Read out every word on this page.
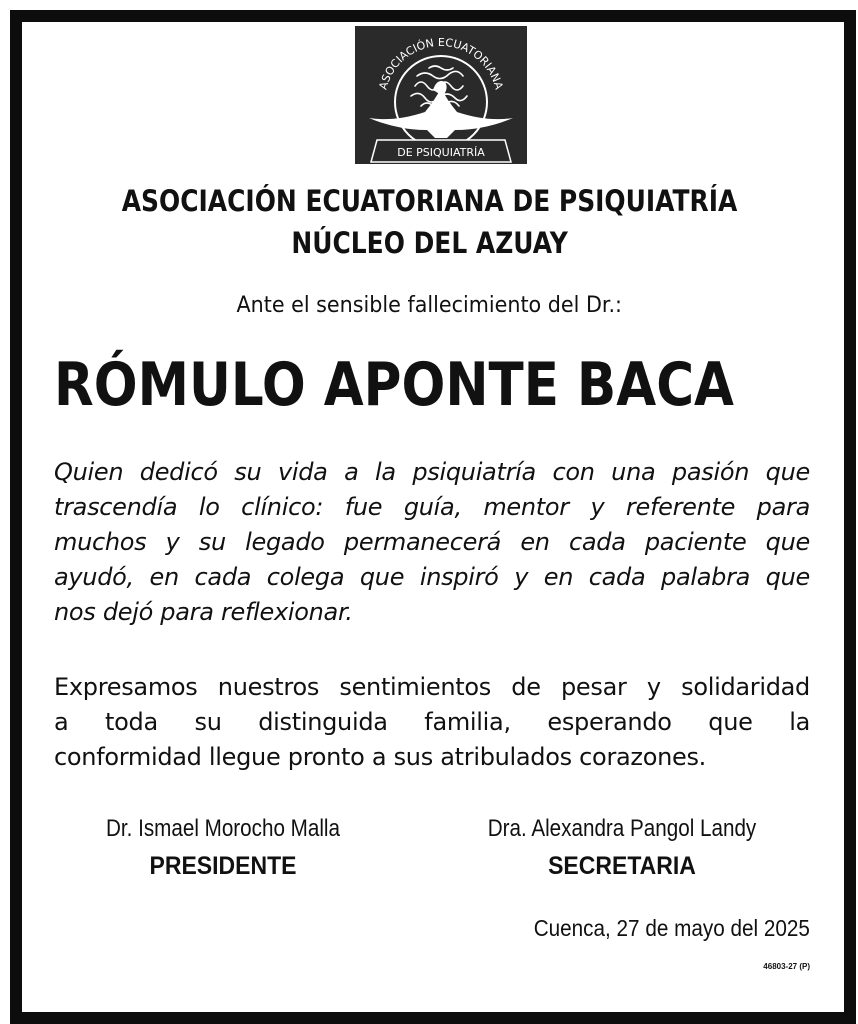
ASOCIACIÓN ECUATORIANA
DE PSIQUIATRÍA
ASOCIACIÓN ECUATORIANA DE PSIQUIATRÍA
NÚCLEO DEL AZUAY
Ante el sensible fallecimiento del Dr.:
RÓMULO APONTE BACA
Quien dedicó su vida a la psiquiatría con una pasión que
trascendía lo clínico: fue guía, mentor y referente para
muchos y su legado permanecerá en cada paciente que
ayudó, en cada colega que inspiró y en cada palabra que
nos dejó para reflexionar.
Expresamos nuestros sentimientos de pesar y solidaridad
a toda su distinguida familia, esperando que la
conformidad llegue pronto a sus atribulados corazones.
Dr. Ismael Morocho Malla
PRESIDENTE
Dra. Alexandra Pangol Landy
SECRETARIA
Cuenca, 27 de mayo del 2025
46803-27 (P)
